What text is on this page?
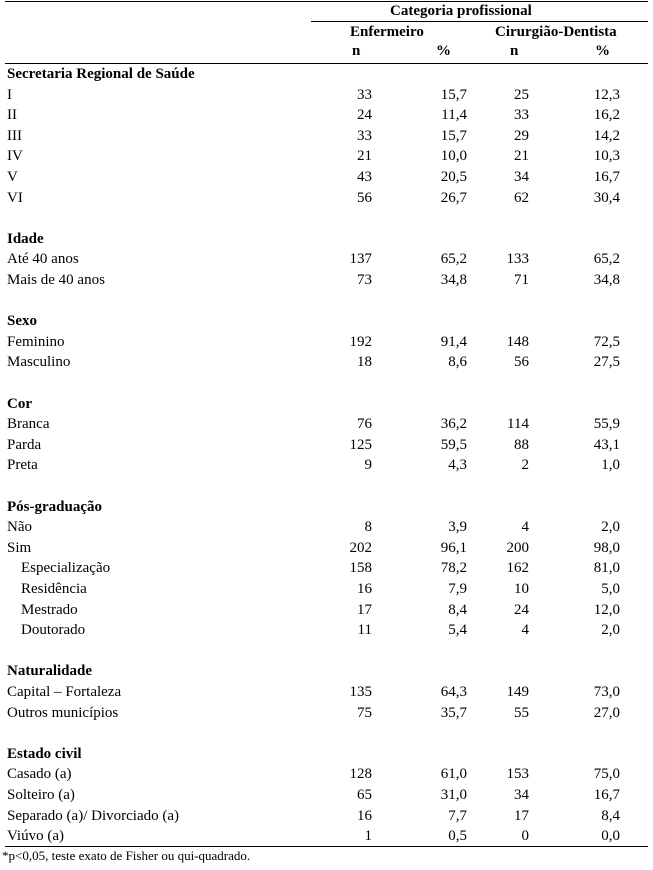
Categoria profissional
Enfermeiro	Cirurgião-Dentista
n	%	n	%
Secretaria Regional de Saúde
I	33	15,7	25	12,3
II	24	11,4	33	16,2
III	33	15,7	29	14,2
IV	21	10,0	21	10,3
V	43	20,5	34	16,7
VI	56	26,7	62	30,4
Idade
Até 40 anos	137	65,2	133	65,2
Mais de 40 anos	73	34,8	71	34,8
Sexo
Feminino	192	91,4	148	72,5
Masculino	18	8,6	56	27,5
Cor
Branca	76	36,2	114	55,9
Parda	125	59,5	88	43,1
Preta	9	4,3	2	1,0
Pós-graduação
Não	8	3,9	4	2,0
Sim	202	96,1	200	98,0
Especialização	158	78,2	162	81,0
Residência	16	7,9	10	5,0
Mestrado	17	8,4	24	12,0
Doutorado	11	5,4	4	2,0
Naturalidade
Capital – Fortaleza	135	64,3	149	73,0
Outros municípios	75	35,7	55	27,0
Estado civil
Casado (a)	128	61,0	153	75,0
Solteiro (a)	65	31,0	34	16,7
Separado (a)/ Divorciado (a)	16	7,7	17	8,4
Viúvo (a)	1	0,5	0	0,0
*p<0,05, teste exato de Fisher ou qui-quadrado.
